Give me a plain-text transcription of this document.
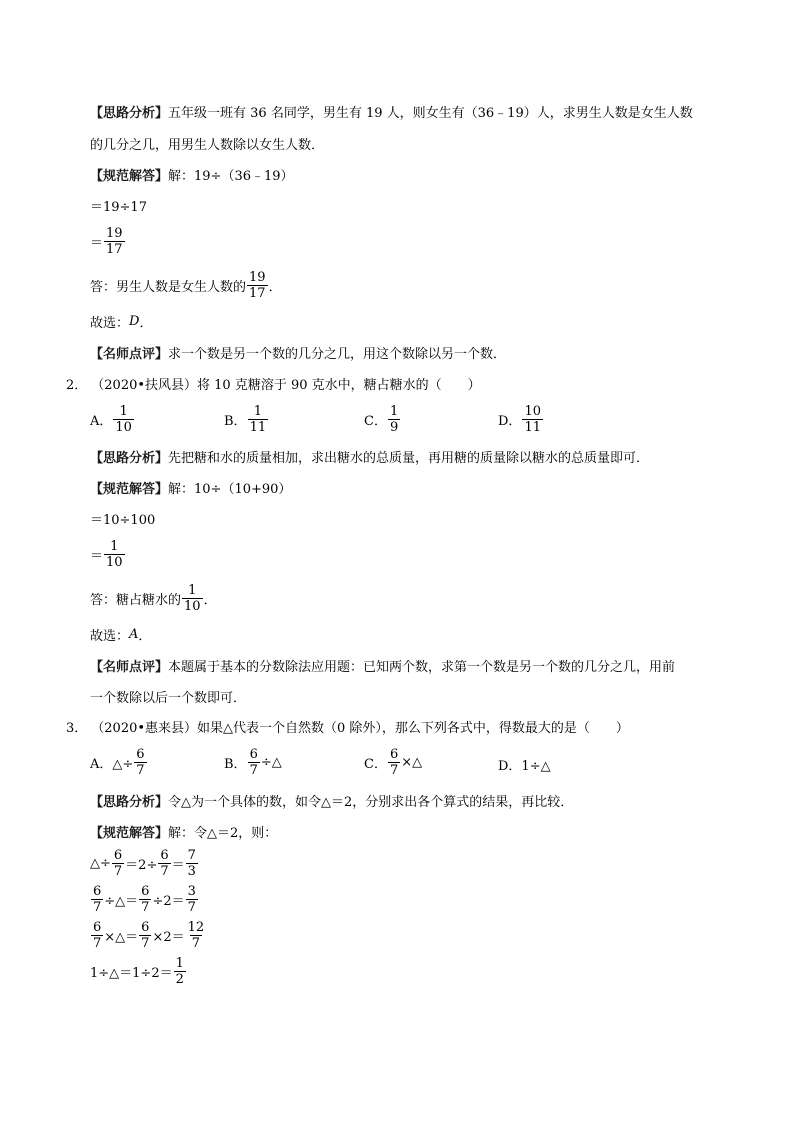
【思路分析】 五年级一班有 36 名同学，男生有 19 人，则女生有（36﹣19）人，求男生人数是女生人数
的几分之几，用男生人数除以女生人数．
【规范解答】 解：19÷（36﹣19）
＝19÷17
＝ $\frac{19}{17}$
答：男生人数是女生人数的 $\frac{19}{17}$ ．
故选： D ．
【名师点评】 求一个数是另一个数的几分之几，用这个数除以另一个数．
2． （2020•扶风县）将 10 克糖溶于 90 克水中，糖占糖水的（　　）
A． $\frac{1}{10}$	B． $\frac{1}{11}$	C． $\frac{1}{9}$	D． $\frac{10}{11}$
【思路分析】 先把糖和水的质量相加，求出糖水的总质量，再用糖的质量除以糖水的总质量即可．
【规范解答】 解：10÷（10+90）
＝10÷100
＝ $\frac{1}{10}$
答：糖占糖水的 $\frac{1}{10}$ ．
故选： A ．
【名师点评】 本题属于基本的分数除法应用题：已知两个数，求第一个数是另一个数的几分之几，用前
一个数除以后一个数即可．
3． （2020•惠来县）如果△代表一个自然数（0 除外），那么下列各式中，得数最大的是（　　）
A．△÷ $\frac{6}{7}$	B． $\frac{6}{7}$ ÷△	C． $\frac{6}{7}$ ×△	D．1÷△
【思路分析】 令△为一个具体的数，如令△＝2，分别求出各个算式的结果，再比较．
【规范解答】 解：令△＝2，则：
△÷ $\frac{6}{7} =2\div \frac{6}{7} = \frac{7}{3}$
$\frac{6}{7}$ ÷△＝ $\frac{6}{7} \div 2= \frac{3}{7}$
$\frac{6}{7}$ ×△＝ $\frac{6}{7} \times 2= \frac{12}{7}$
1÷△＝1÷2＝ $\frac{1}{2}$
